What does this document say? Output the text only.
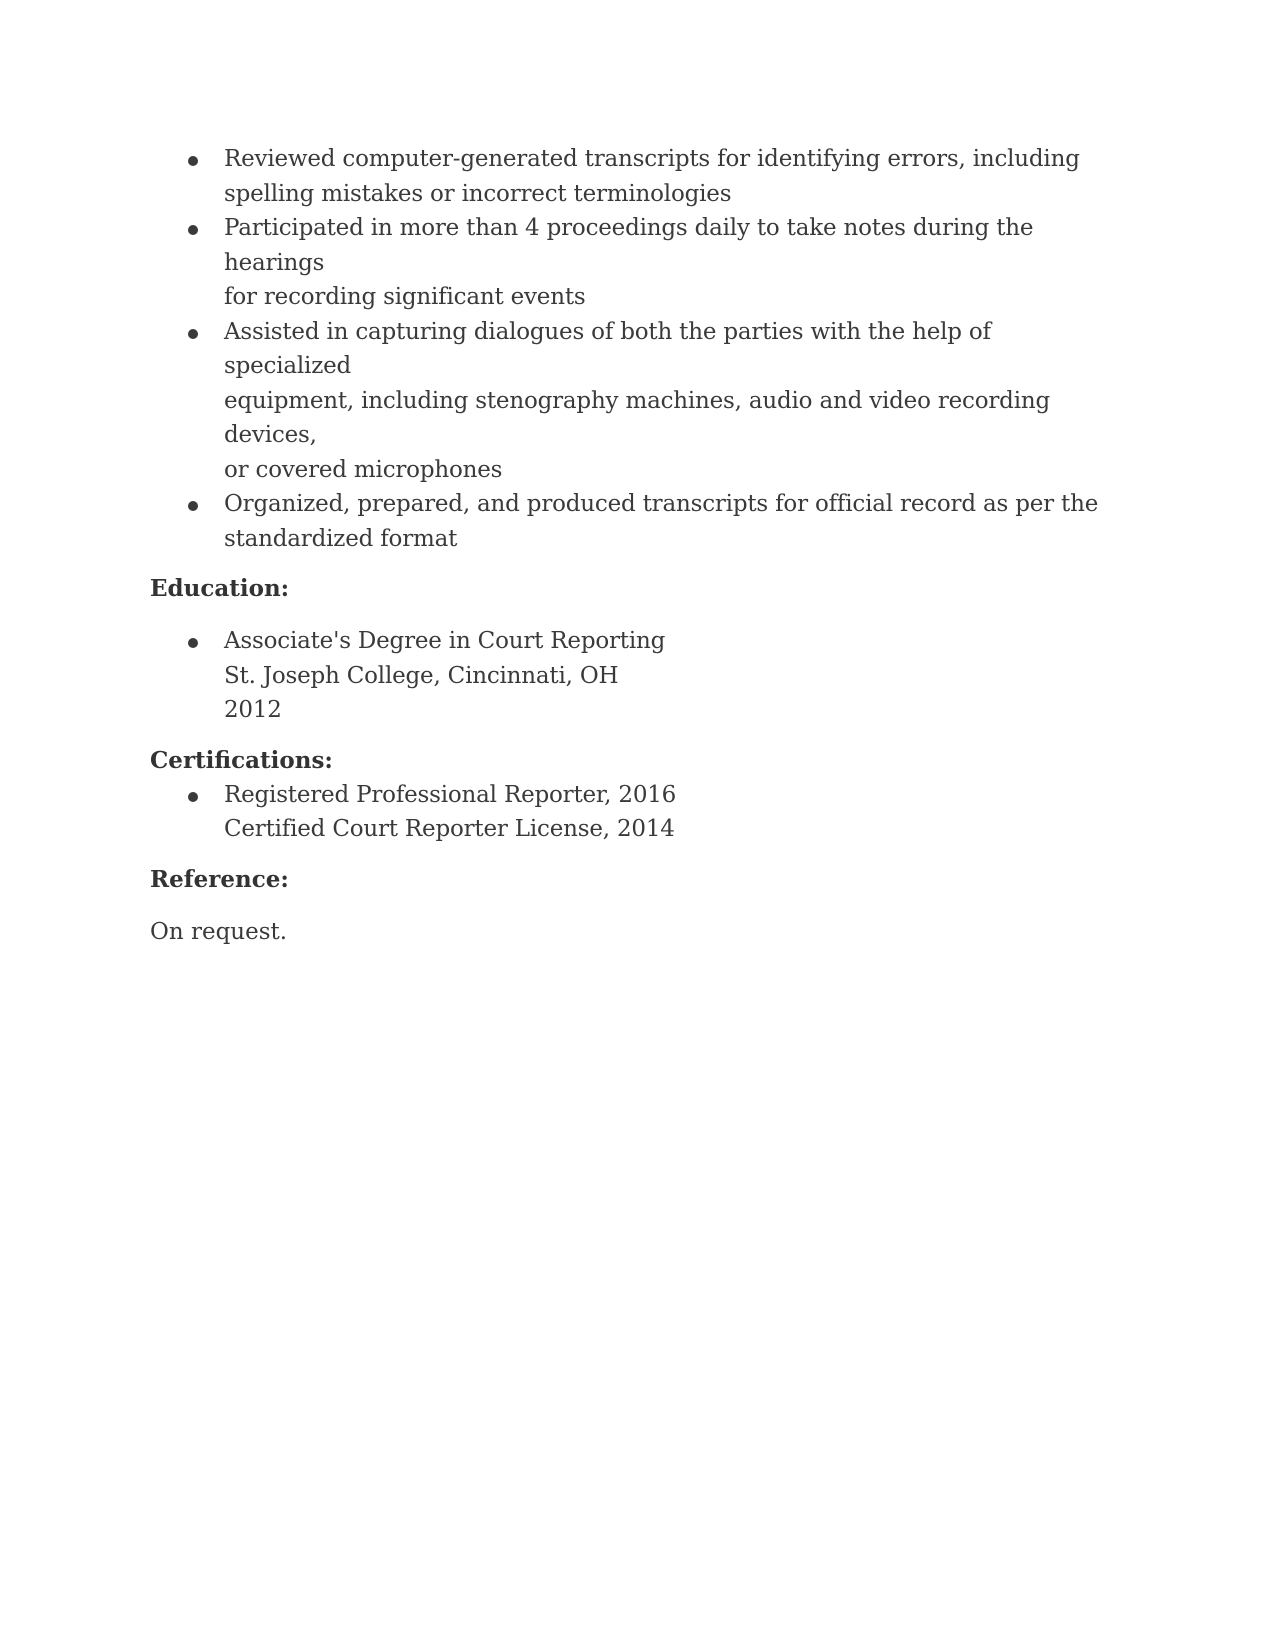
Reviewed computer-generated transcripts for identifying errors, including
spelling mistakes or incorrect terminologies
Participated in more than 4 proceedings daily to take notes during the hearings
for recording significant events
Assisted in capturing dialogues of both the parties with the help of specialized
equipment, including stenography machines, audio and video recording devices,
or covered microphones
Organized, prepared, and produced transcripts for official record as per the
standardized format
Education:
Associate's Degree in Court Reporting
St. Joseph College, Cincinnati, OH
2012
Certifications:
Registered Professional Reporter, 2016
Certified Court Reporter License, 2014
Reference:
On request.
